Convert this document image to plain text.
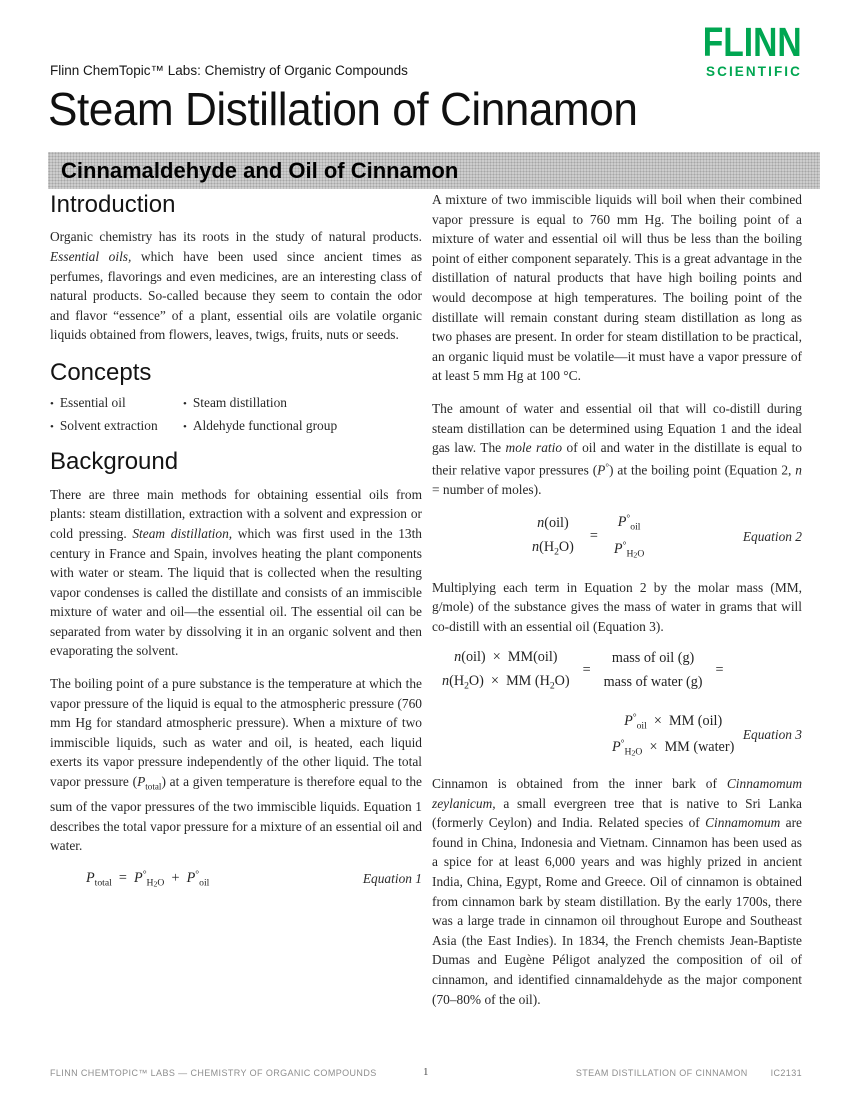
Flinn ChemTopic™ Labs: Chemistry of Organic Compounds
FLINN
SCIENTIFIC
Steam Distillation of Cinnamon
Cinnamaldehyde and Oil of Cinnamon
Introduction

Organic chemistry has its roots in the study of natural products. Essential oils, which have been used since ancient times as perfumes, flavorings and even medicines, are an interesting class of natural products. So-called because they seem to contain the odor and flavor “essence” of a plant, essential oils are volatile organic liquids obtained from flowers, leaves, twigs, fruits, nuts or seeds.

Concepts
• Essential oil	• Steam distillation
• Solvent extraction • Aldehyde functional group
Background

There are three main methods for obtaining essential oils from plants: steam distillation, extraction with a solvent and expression or cold pressing. Steam distillation, which was first used in the 13th century in France and Spain, involves heating the plant components with water or steam. The liquid that is collected when the resulting vapor condenses is called the distillate and consists of an immiscible mixture of water and oil—the essential oil. The essential oil can be separated from water by dissolving it in an organic solvent and then evaporating the solvent.

The boiling point of a pure substance is the temperature at which the vapor pressure of the liquid is equal to the atmospheric pressure (760 mm Hg for standard atmospheric pressure). When a mixture of two immiscible liquids, such as water and oil, is heated, each liquid exerts its vapor pressure independently of the other liquid. The total vapor pressure $(P_{total})$ at a given temperature is therefore equal to the sum of the vapor pressures of the two immiscible liquids. Equation 1 describes the total vapor pressure for a mixture of an essential oil and water.

$P_{total} = P^\circ_{H2O} + P^\circ_{oil}$	Equation 1

A mixture of two immiscible liquids will boil when their combined vapor pressure is equal to 760 mm Hg. The boiling point of a mixture of water and essential oil will thus be less than the boiling point of either component separately. This is a great advantage in the distillation of natural products that have high boiling points and would decompose at high temperatures. The boiling point of the distillate will remain constant during steam distillation as long as two phases are present. In order for steam distillation to be practical, an organic liquid must be volatile—it must have a vapor pressure of at least 5 mm Hg at 100 °C.

The amount of water and essential oil that will co-distill during steam distillation can be determined using Equation 1 and the ideal gas law. The mole ratio of oil and water in the distillate is equal to their relative vapor pressures (P°) at the boiling point (Equation 2, n = number of moles).

n(oil)
$n(H_2O)$
=
$P^\circ_{oil}$
$P^\circ_{H2O}$
Equation 2

Multiplying each term in Equation 2 by the molar mass (MM, g/mole) of the substance gives the mass of water in grams that will co-distill with an essential oil (Equation 3).

n(oil)  ×  MM(oil)
$n(H_2O)$  ×  MM $(H_2O)$
=
mass of oil (g)
mass of water (g)
=
$P^\circ_{oil}$  ×  MM (oil)
$P^\circ_{H2O}$  ×  MM (water)
Equation 3

Cinnamon is obtained from the inner bark of Cinnamomum zeylanicum, a small evergreen tree that is native to Sri Lanka (formerly Ceylon) and India. Related species of Cinnamomum are found in China, Indonesia and Vietnam. Cinnamon has been used as a spice for at least 6,000 years and was highly prized in ancient India, China, Egypt, Rome and Greece. Oil of cinnamon is obtained from cinnamon bark by steam distillation. By the early 1700s, there was a large trade in cinnamon oil throughout Europe and Southeast Asia (the East Indies). In 1834, the French chemists Jean-Baptiste Dumas and Eugène Péligot analyzed the composition of oil of cinnamon, and identified cinnamaldehyde as the major component (70–80% of the oil).

FLINN CHEMTOPIC™ LABS — CHEMISTRY OF ORGANIC COMPOUNDS	1	STEAM DISTILLATION OF CINNAMON	IC2131
